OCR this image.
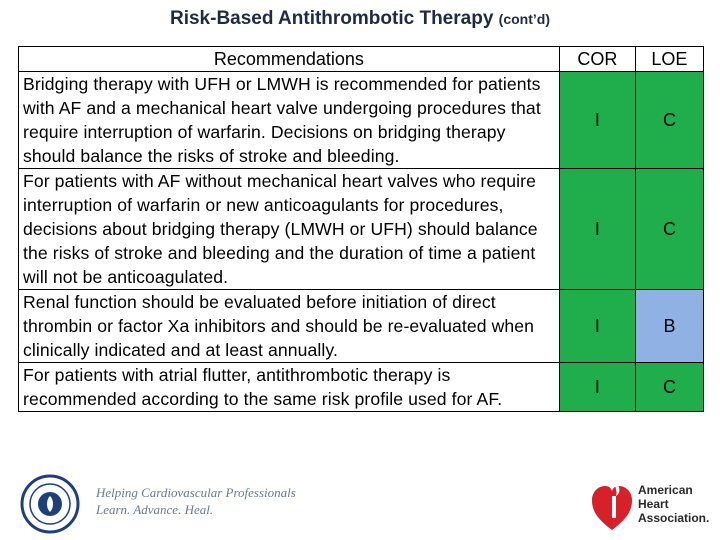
Risk-Based Antithrombotic Therapy (cont’d)
Recommendations	COR	LOE
Bridging therapy with UFH or LMWH is recommended for patients with AF and a mechanical heart valve undergoing procedures that require interruption of warfarin. Decisions on bridging therapy should balance the risks of stroke and bleeding.	I	C
For patients with AF without mechanical heart valves who require interruption of warfarin or new anticoagulants for procedures, decisions about bridging therapy (LMWH or UFH) should balance the risks of stroke and bleeding and the duration of time a patient will not be anticoagulated.	I	C
Renal function should be evaluated before initiation of direct thrombin or factor Xa inhibitors and should be re-evaluated when clinically indicated and at least annually.	I	B
For patients with atrial flutter, antithrombotic therapy is recommended according to the same risk profile used for AF.	I	C
Helping Cardiovascular Professionals
Learn. Advance. Heal.
American
Heart
Association.
